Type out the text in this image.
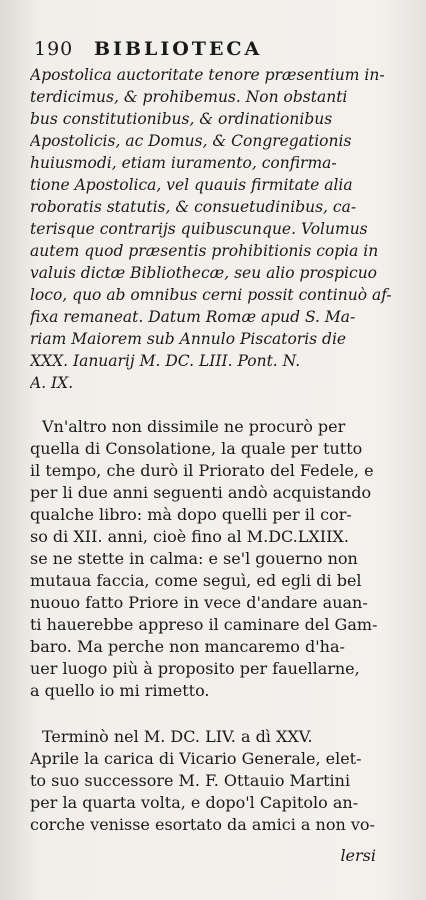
190 BIBLIOTECA
Apostolica auctoritate tenore præsentium in-
terdicimus, & prohibemus. Non obstanti
bus constitutionibus, & ordinationibus
Apostolicis, ac Domus, & Congregationis
huiusmodi, etiam iuramento, confirma-
tione Apostolica, vel quauis firmitate alia
roboratis statutis, & consuetudinibus, ca-
terisque contrarijs quibuscunque. Volumus
autem quod præsentis prohibitionis copia in
valuis dictæ Bibliothecæ, seu alio prospicuo
loco, quo ab omnibus cerni possit continuò af-
fixa remaneat. Datum Romæ apud S. Ma-
riam Maiorem sub Annulo Piscatoris die
XXX. Ianuarij M. DC. LIII. Pont. N.
A. IX.
Vn'altro non dissimile ne procurò per
quella di Consolatione, la quale per tutto
il tempo, che durò il Priorato del Fedele, e
per li due anni seguenti andò acquistando
qualche libro: mà dopo quelli per il cor-
so di XII. anni, cioè fino al M.DC.LXIIX.
se ne stette in calma: e se'l gouerno non
mutaua faccia, come seguì, ed egli di bel
nuouo fatto Priore in vece d'andare auan-
ti hauerebbe appreso il caminare del Gam-
baro. Ma perche non mancaremo d'ha-
uer luogo più à proposito per fauellarne,
a quello io mi rimetto.
Terminò nel M. DC. LIV. a dì XXV.
Aprile la carica di Vicario Generale, elet-
to suo successore M. F. Ottauio Martini
per la quarta volta, e dopo'l Capitolo an-
corche venisse esortato da amici a non vo-
lersi
